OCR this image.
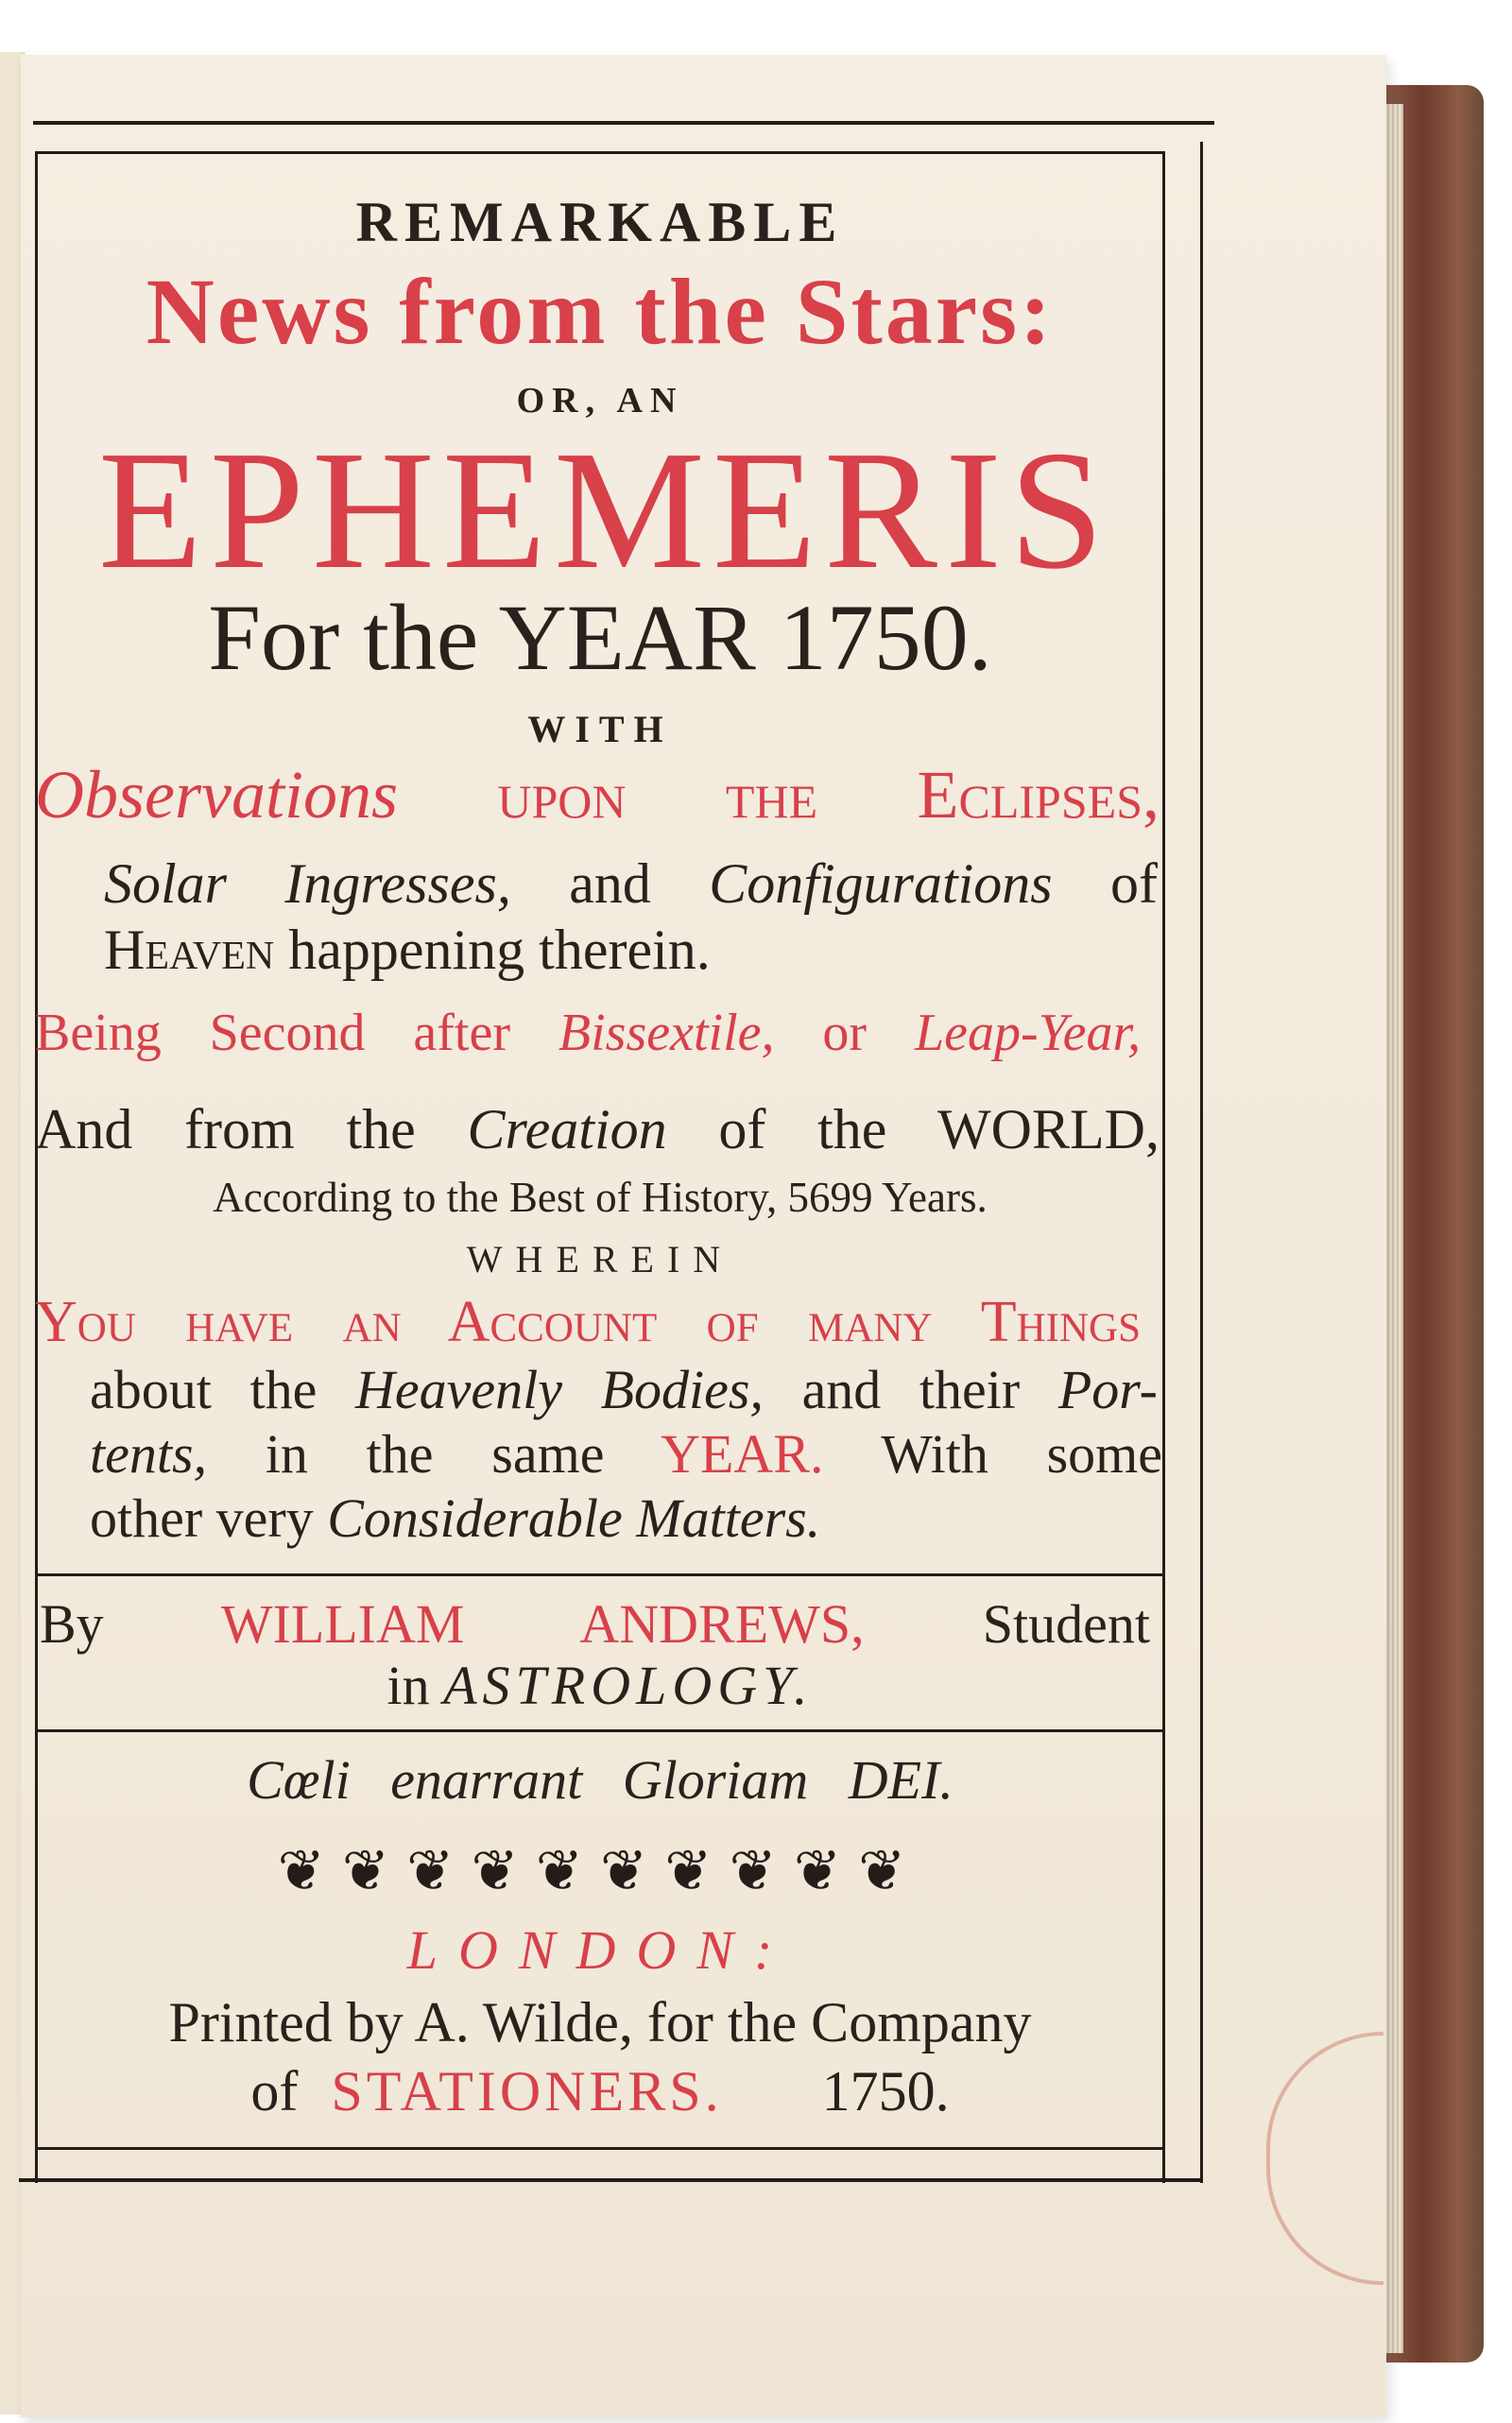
REMARKABLE
News from the Stars:
OR, AN
EPHEMERIS
For the YEAR 1750.
WITH
Observations upon the Eclipses,
Solar Ingresses, and Configurations of
Heaven happening therein.
Being Second after Bissextile, or Leap-Year,
And from the Creation of the WORLD,
According to the Best of History, 5699 Years.
WHEREIN
You have an Account of many Things
about the Heavenly Bodies, and their Por-
tents, in the same YEAR. With some
other very Considerable Matters.
By WILLIAM ANDREWS, Student
in ASTROLOGY.
Cœli enarrant Gloriam DEI.
❦❦❦❦❦❦❦❦❦❦
LONDON:
Printed by A. Wilde, for the Company
of STATIONERS. 1750.
